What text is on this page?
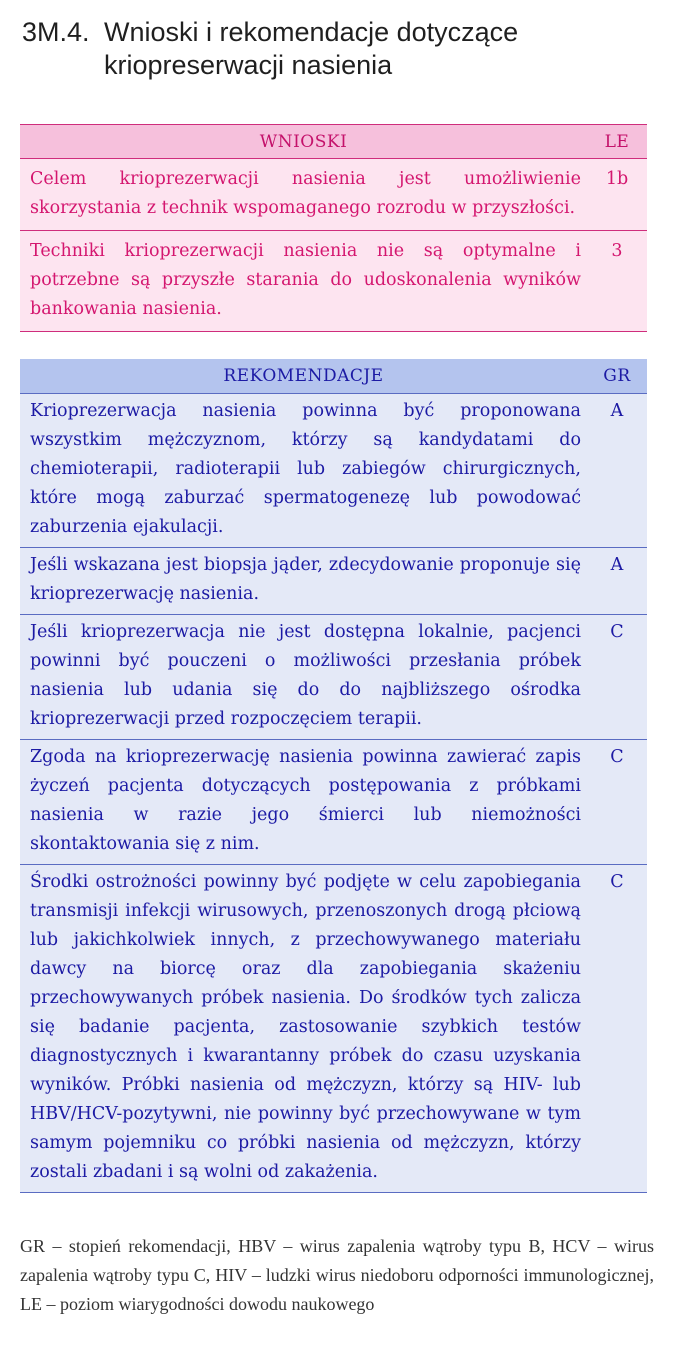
3M.4. Wnioski i rekomendacje dotyczące kriopreserwacji nasienia
WNIOSKI	LE
Celem krioprezerwacji nasienia jest umożliwienie skorzystania z technik wspomaganego rozrodu w przyszłości.	1b
Techniki krioprezerwacji nasienia nie są optymalne i potrzebne są przyszłe starania do udoskonalenia wyników bankowania nasienia.	3
REKOMENDACJE	GR
Krioprezerwacja nasienia powinna być proponowana wszystkim mężczyznom, którzy są kandydatami do chemioterapii, radioterapii lub zabiegów chirurgicznych, które mogą zaburzać spermatogenezę lub powodować zaburzenia ejakulacji.	A
Jeśli wskazana jest biopsja jąder, zdecydowanie proponuje się krioprezerwację nasienia.	A
Jeśli krioprezerwacja nie jest dostępna lokalnie, pacjenci powinni być pouczeni o możliwości przesłania próbek nasienia lub udania się do do najbliższego ośrodka krioprezerwacji przed rozpoczęciem terapii.	C
Zgoda na krioprezerwację nasienia powinna zawierać zapis życzeń pacjenta dotyczących postępowania z próbkami nasienia w razie jego śmierci lub niemożności skontaktowania się z nim.	C
Środki ostrożności powinny być podjęte w celu zapobiegania transmisji infekcji wirusowych, przenoszonych drogą płciową lub jakichkolwiek innych, z przechowywanego materiału dawcy na biorcę oraz dla zapobiegania skażeniu przechowywanych próbek nasienia. Do środków tych zalicza się badanie pacjenta, zastosowanie szybkich testów diagnostycznych i kwarantanny próbek do czasu uzyskania wyników. Próbki nasienia od mężczyzn, którzy są HIV- lub HBV/HCV-pozytywni, nie powinny być przechowywane w tym samym pojemniku co próbki nasienia od mężczyzn, którzy zostali zbadani i są wolni od zakażenia.	C
GR – stopień rekomendacji, HBV – wirus zapalenia wątroby typu B, HCV – wirus zapalenia wątroby typu C, HIV – ludzki wirus niedoboru odporności immunologicznej, LE – poziom wiarygodności dowodu naukowego
